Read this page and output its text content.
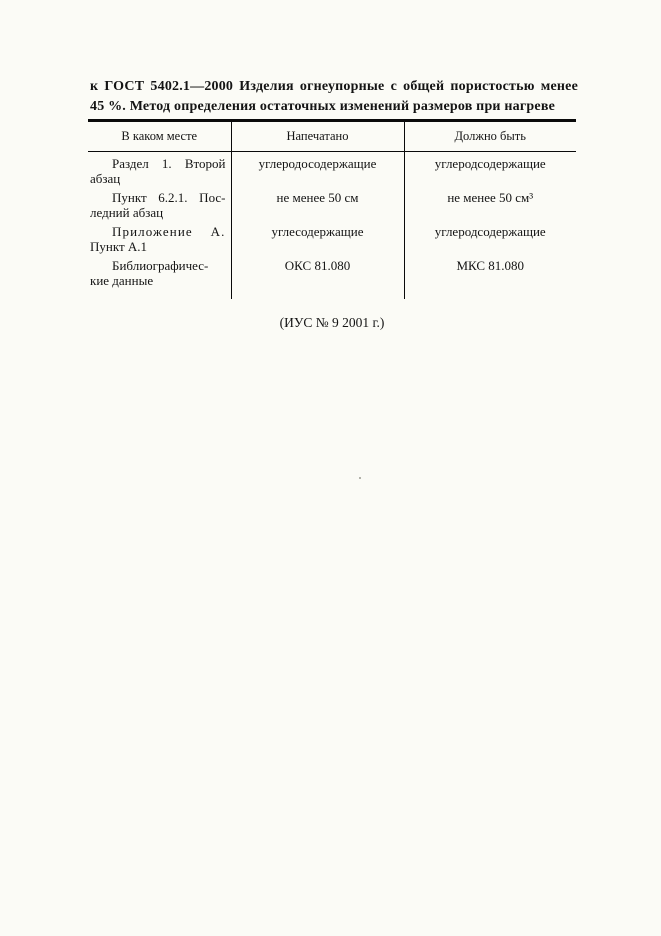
к ГОСТ 5402.1—2000 Изделия огнеупорные с общей пористостью менее
45 %. Метод определения остаточных изменений размеров при нагреве
В каком месте	Напечатано	Должно быть

Раздел 1. Второй
абзац	углеродосодержащие	углеродсодержащие

Пункт 6.2.1. Пос-
ледний абзац	не менее 50 см	не менее 50 см³

Приложение А.
Пункт А.1	углесодержащие	углеродсодержащие

Библиографичес-
кие данные	ОКС 81.080	МКС 81.080
(ИУС № 9 2001 г.)
